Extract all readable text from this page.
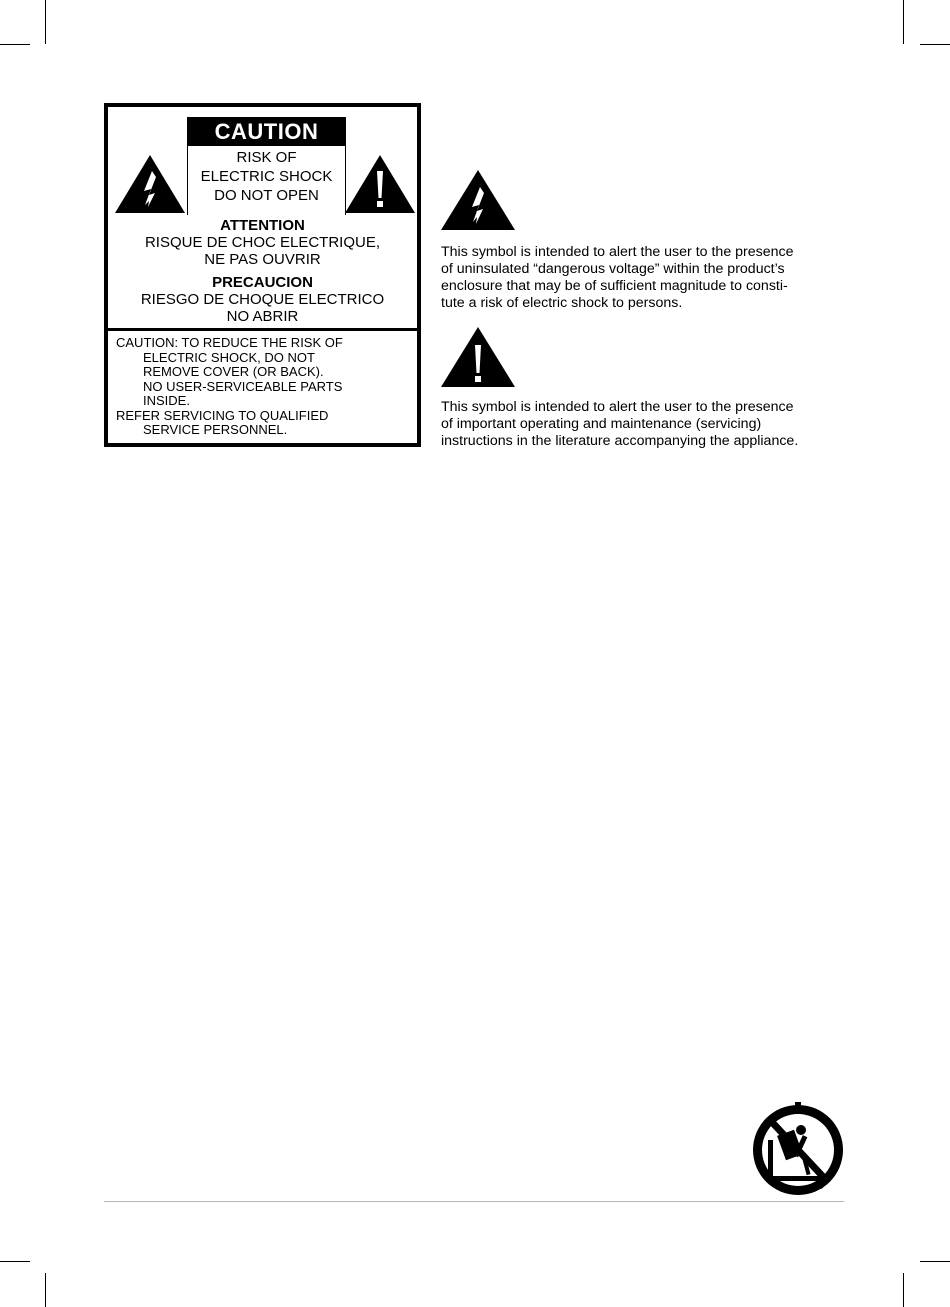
CAUTION
RISK OF
ELECTRIC SHOCK
DO NOT OPEN
ATTENTION
RISQUE DE CHOC ELECTRIQUE,
NE PAS OUVRIR
PRECAUCION
RIESGO DE CHOQUE ELECTRICO
NO ABRIR
CAUTION: TO REDUCE THE RISK OF
ELECTRIC SHOCK, DO NOT
REMOVE COVER (OR BACK).
NO USER-SERVICEABLE PARTS
INSIDE.
REFER SERVICING TO QUALIFIED
SERVICE PERSONNEL.
This symbol is intended to alert the user to the presence
of uninsulated “dangerous voltage” within the product’s
enclosure that may be of sufficient magnitude to consti-
tute a risk of electric shock to persons.
This symbol is intended to alert the user to the presence
of important operating and maintenance (servicing)
instructions in the literature accompanying the appliance.
